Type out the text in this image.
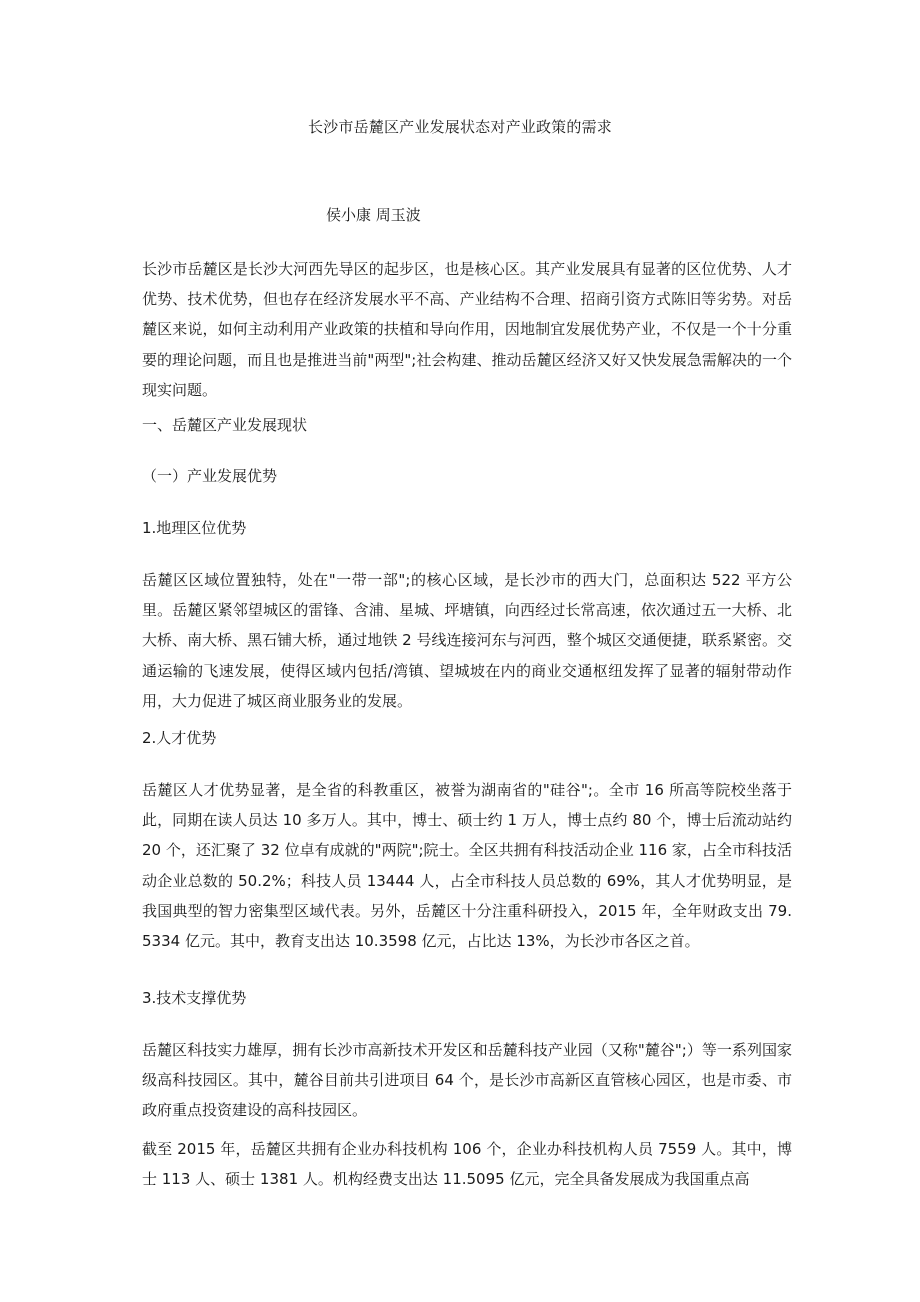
长沙市岳麓区产业发展状态对产业政策的需求
侯小康 周玉波

长沙市岳麓区是长沙大河西先导区的起步区，也是核心区。其产业发展具有显著的区位优势、人才优势、技术优势，但也存在经济发展水平不高、产业结构不合理、招商引资方式陈旧等劣势。对岳麓区来说，如何主动利用产业政策的扶植和导向作用，因地制宜发展优势产业，不仅是一个十分重要的理论问题，而且也是推进当前"两型";社会构建、推动岳麓区经济又好又快发展急需解决的一个现实问题。

一、岳麓区产业发展现状
（一）产业发展优势
1.地理区位优势

岳麓区区域位置独特，处在"一带一部";的核心区域，是长沙市的西大门，总面积达 522 平方公里。岳麓区紧邻望城区的雷锋、含浦、星城、坪塘镇，向西经过长常高速，依次通过五一大桥、北大桥、南大桥、黑石铺大桥，通过地铁 2 号线连接河东与河西，整个城区交通便捷，联系紧密。交通运输的飞速发展，使得区域内包括/湾镇、望城坡在内的商业交通枢纽发挥了显著的辐射带动作用，大力促进了城区商业服务业的发展。

2.人才优势

岳麓区人才优势显著，是全省的科教重区，被誉为湖南省的"硅谷";。全市 16 所高等院校坐落于此，同期在读人员达 10 多万人。其中，博士、硕士约 1 万人，博士点约 80 个，博士后流动站约 20 个，还汇聚了 32 位卓有成就的"两院";院士。全区共拥有科技活动企业 116 家，占全市科技活动企业总数的 50.2%；科技人员 13444 人，占全市科技人员总数的 69%，其人才优势明显，是我国典型的智力密集型区域代表。另外，岳麓区十分注重科研投入，2015 年，全年财政支出 79.5334 亿元。其中，教育支出达 10.3598 亿元，占比达 13%，为长沙市各区之首。

3.技术支撑优势

岳麓区科技实力雄厚，拥有长沙市高新技术开发区和岳麓科技产业园（又称"麓谷";）等一系列国家级高科技园区。其中，麓谷目前共引进项目 64 个，是长沙市高新区直管核心园区，也是市委、市政府重点投资建设的高科技园区。

截至 2015 年，岳麓区共拥有企业办科技机构 106 个，企业办科技机构人员 7559 人。其中，博士 113 人、硕士 1381 人。机构经费支出达 11.5095 亿元，完全具备发展成为我国重点高
